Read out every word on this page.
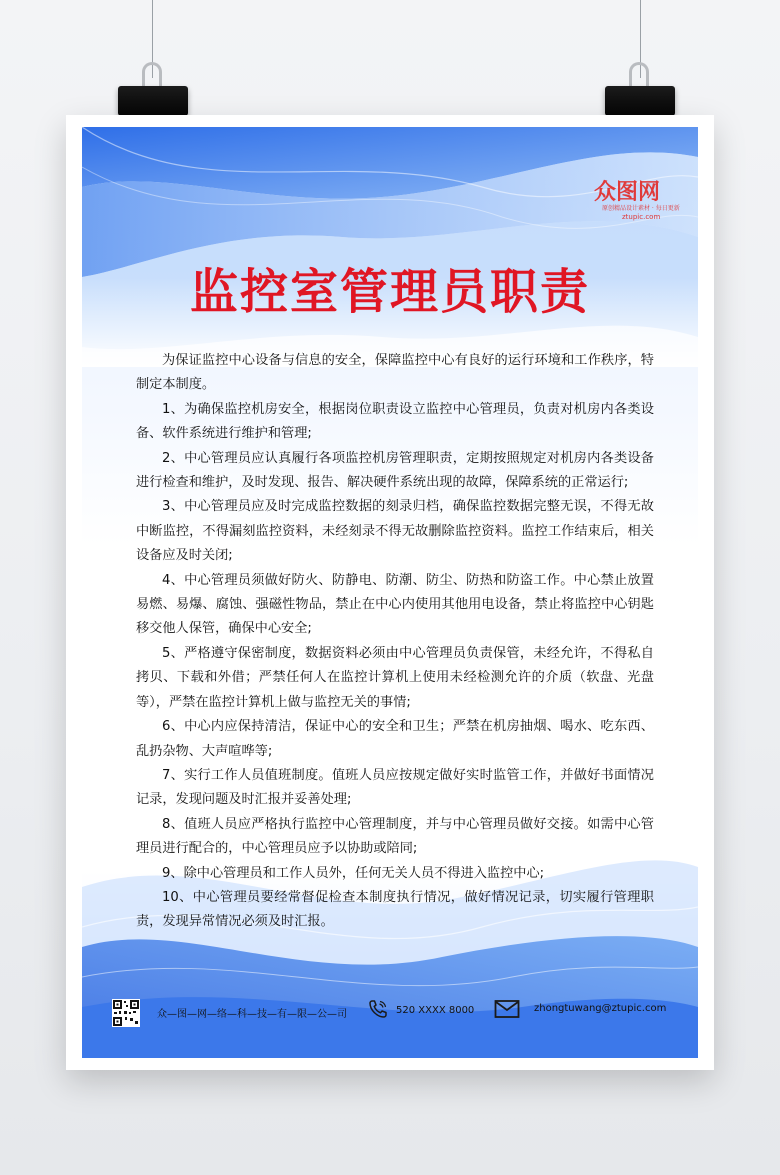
众图网
原创精品设计素材 · 每日更新
ztupic.com
监控室管理员职责

为保证监控中心设备与信息的安全，保障监控中心有良好的运行环境和工作秩序，特制定本制度。

1、为确保监控机房安全，根据岗位职责设立监控中心管理员，负责对机房内各类设备、软件系统进行维护和管理;

2、中心管理员应认真履行各项监控机房管理职责，定期按照规定对机房内各类设备进行检查和维护，及时发现、报告、解决硬件系统出现的故障，保障系统的正常运行;

3、中心管理员应及时完成监控数据的刻录归档，确保监控数据完整无误，不得无故中断监控，不得漏刻监控资料，未经刻录不得无故删除监控资料。监控工作结束后，相关设备应及时关闭;

4、中心管理员须做好防火、防静电、防潮、防尘、防热和防盗工作。中心禁止放置易燃、易爆、腐蚀、强磁性物品，禁止在中心内使用其他用电设备，禁止将监控中心钥匙移交他人保管，确保中心安全;

5、严格遵守保密制度，数据资料必须由中心管理员负责保管，未经允许，不得私自拷贝、下载和外借；严禁任何人在监控计算机上使用未经检测允许的介质（软盘、光盘等），严禁在监控计算机上做与监控无关的事情;

6、中心内应保持清洁，保证中心的安全和卫生；严禁在机房抽烟、喝水、吃东西、乱扔杂物、大声喧哗等;

7、实行工作人员值班制度。值班人员应按规定做好实时监管工作，并做好书面情况记录，发现问题及时汇报并妥善处理;

8、值班人员应严格执行监控中心管理制度，并与中心管理员做好交接。如需中心管理员进行配合的，中心管理员应予以协助或陪同;

9、除中心管理员和工作人员外，任何无关人员不得进入监控中心;

10、中心管理员要经常督促检查本制度执行情况，做好情况记录，切实履行管理职责，发现异常情况必须及时汇报。

众—图—网—络—科—技—有—限—公—司	520 XXXX 8000	zhongtuwang@ztupic.com
